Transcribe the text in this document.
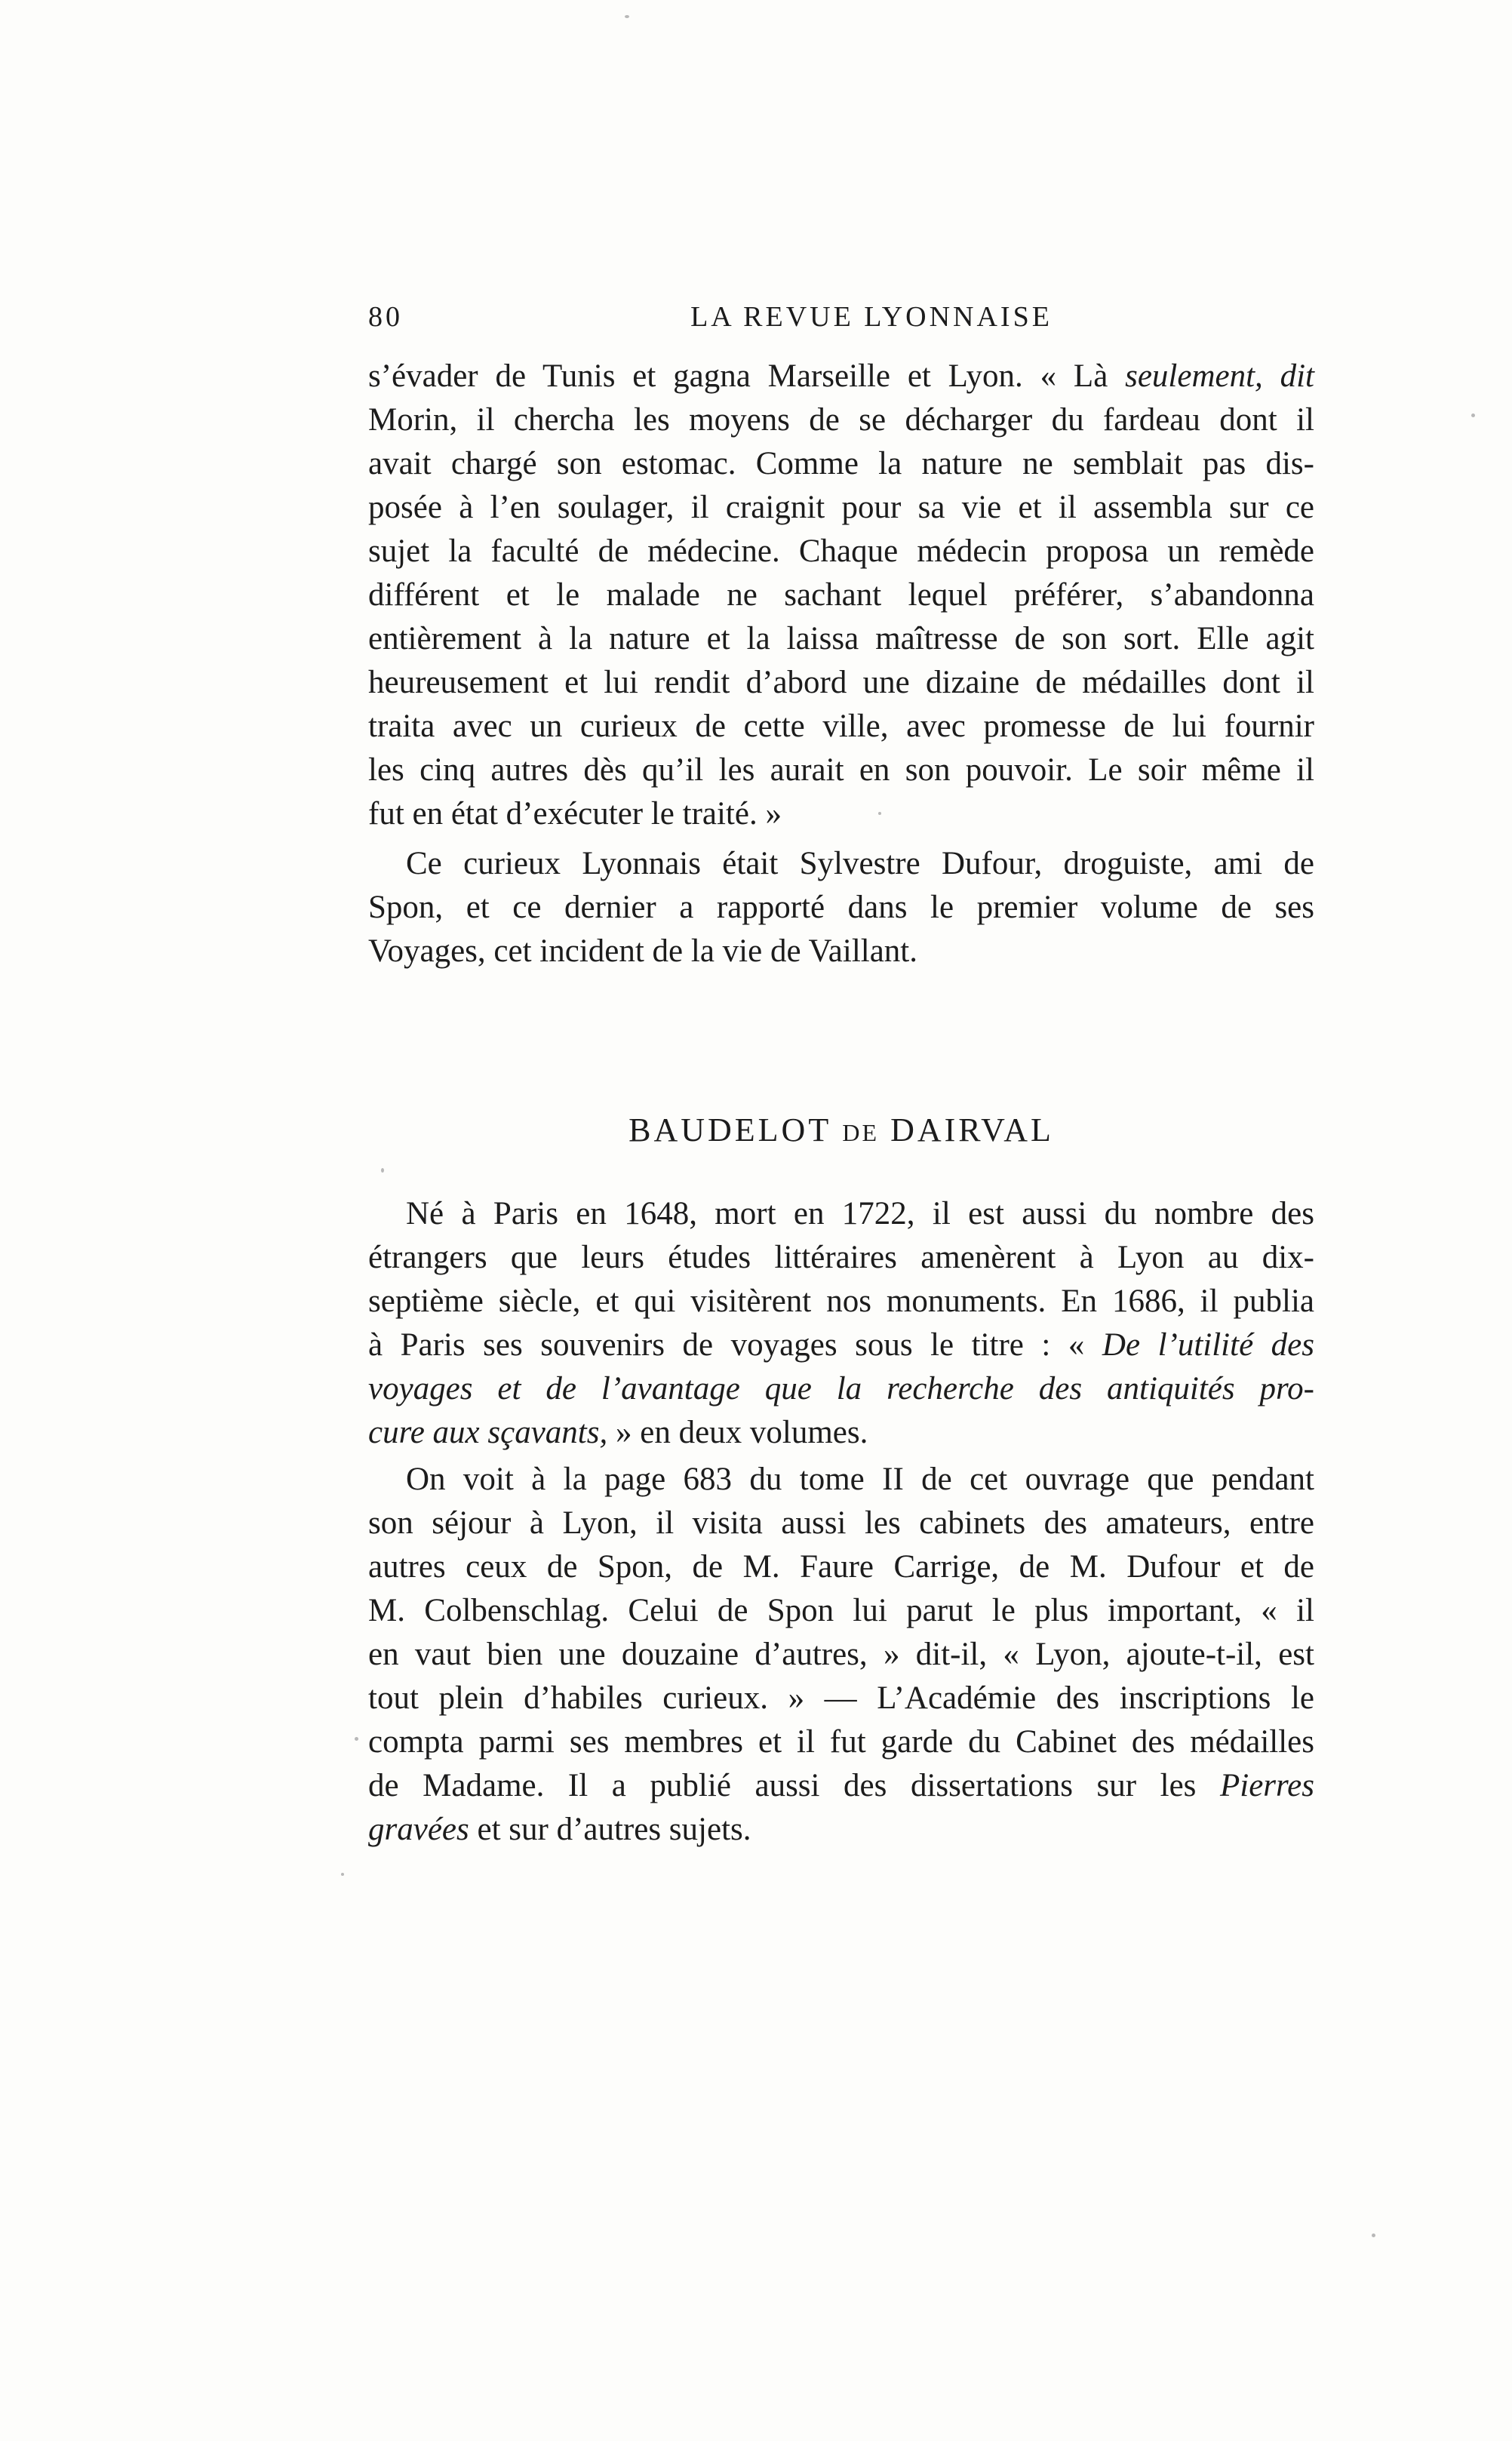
80	LA REVUE LYONNAISE
s’évader de Tunis et gagna Marseille et Lyon. « Là seulement, dit
Morin, il chercha les moyens de se décharger du fardeau dont il
avait chargé son estomac. Comme la nature ne semblait pas dis-
posée à l’en soulager, il craignit pour sa vie et il assembla sur ce
sujet la faculté de médecine. Chaque médecin proposa un remède
différent et le malade ne sachant lequel préférer, s’abandonna
entièrement à la nature et la laissa maîtresse de son sort. Elle agit
heureusement et lui rendit d’abord une dizaine de médailles dont il
traita avec un curieux de cette ville, avec promesse de lui fournir
les cinq autres dès qu’il les aurait en son pouvoir. Le soir même il
fut en état d’exécuter le traité. »
Ce curieux Lyonnais était Sylvestre Dufour, droguiste, ami de
Spon, et ce dernier a rapporté dans le premier volume de ses
Voyages, cet incident de la vie de Vaillant.
BAUDELOT DE DAIRVAL
Né à Paris en 1648, mort en 1722, il est aussi du nombre des
étrangers que leurs études littéraires amenèrent à Lyon au dix-
septième siècle, et qui visitèrent nos monuments. En 1686, il publia
à Paris ses souvenirs de voyages sous le titre : « De l’utilité des
voyages et de l’avantage que la recherche des antiquités pro-
cure aux sçavants, » en deux volumes.
On voit à la page 683 du tome II de cet ouvrage que pendant
son séjour à Lyon, il visita aussi les cabinets des amateurs, entre
autres ceux de Spon, de M. Faure Carrige, de M. Dufour et de
M. Colbenschlag. Celui de Spon lui parut le plus important, « il
en vaut bien une douzaine d’autres, » dit-il, « Lyon, ajoute-t-il, est
tout plein d’habiles curieux. » — L’Académie des inscriptions le
compta parmi ses membres et il fut garde du Cabinet des médailles
de Madame. Il a publié aussi des dissertations sur les Pierres
gravées et sur d’autres sujets.
